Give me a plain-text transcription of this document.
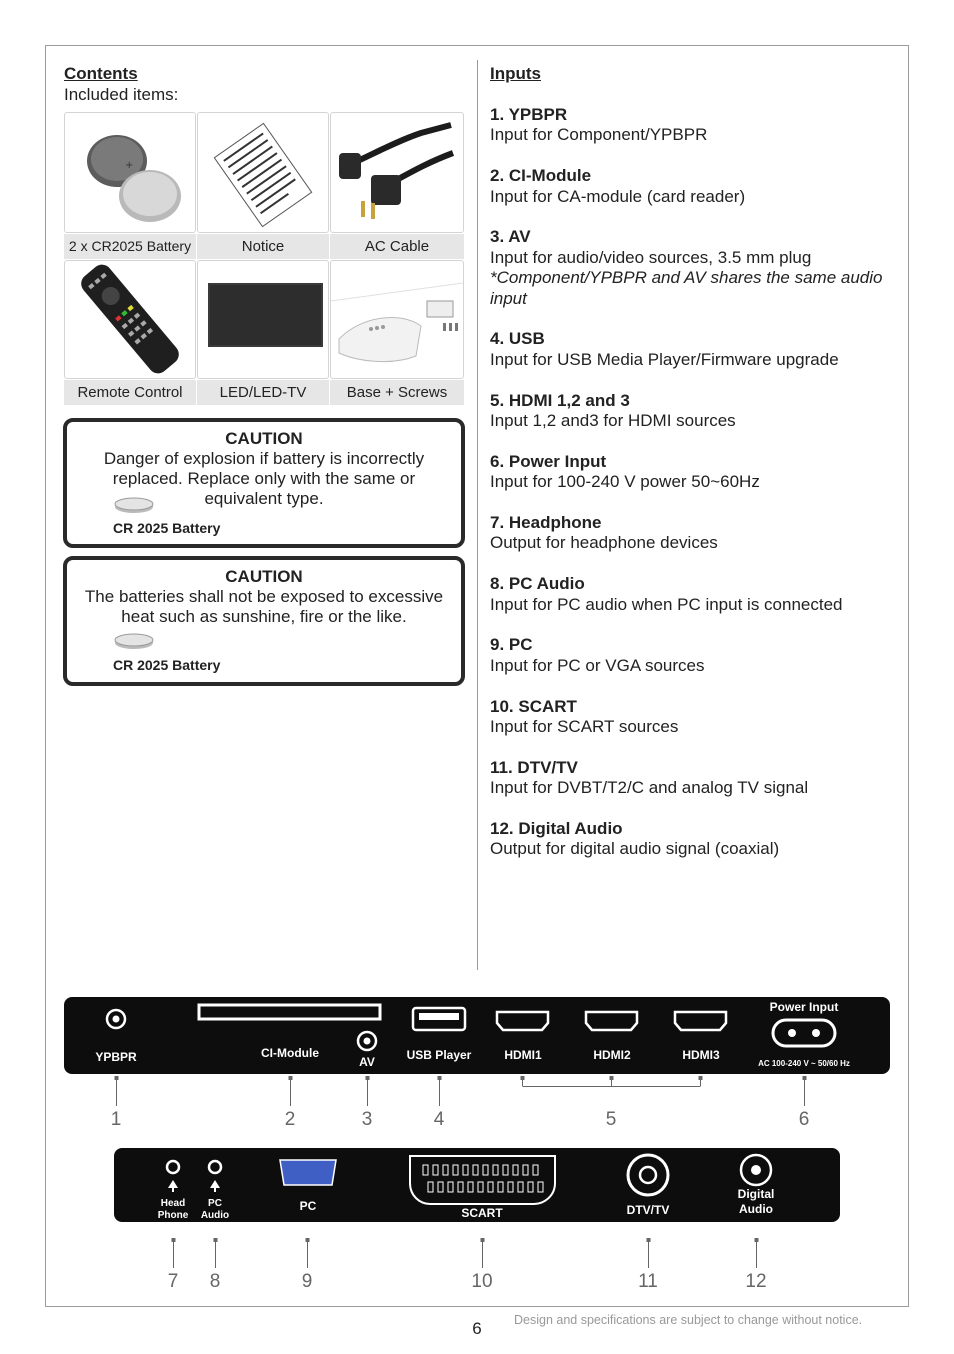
Contents
Included items:
+
2 x CR2025 Battery	Notice	AC Cable
Remote Control	LED/LED-TV	Base + Screws
CAUTION
Danger of explosion if battery is incorrectly replaced. Replace only with the same or equivalent type.
CR 2025 Battery
CAUTION
The batteries shall not be exposed to excessive heat such as sunshine, fire or the like.
CR 2025 Battery
Inputs
1. YPBPR
Input for Component/YPBPR
2. CI-Module
Input for CA-module (card reader)
3. AV
Input for audio/video sources, 3.5 mm plug
*Component/YPBPR and AV shares the same audio input
4. USB
Input for USB Media Player/Firmware upgrade
5. HDMI 1,2 and 3
Input 1,2 and3 for HDMI sources
6. Power Input
Input for 100-240 V power 50~60Hz
7. Headphone
Output for headphone devices
8. PC Audio
Input for PC audio when PC input is connected
9. PC
Input for PC or VGA sources
10. SCART
Input for SCART sources
11. DTV/TV
Input for DVBT/T2/C and analog TV signal
12. Digital Audio
Output for digital audio signal (coaxial)
YPBPR	CI-Module
AV	USB Player	HDMI1	HDMI2	HDMI3
Power Input
AC 100-240 V ~ 50/60 Hz
1	2	3	4	5	6
Head
Phone
PC
Audio
PC	SCART	DTV/TV
Digital
Audio
7	8	9	10	11	12
6	Design and specifications are subject to change without notice.
